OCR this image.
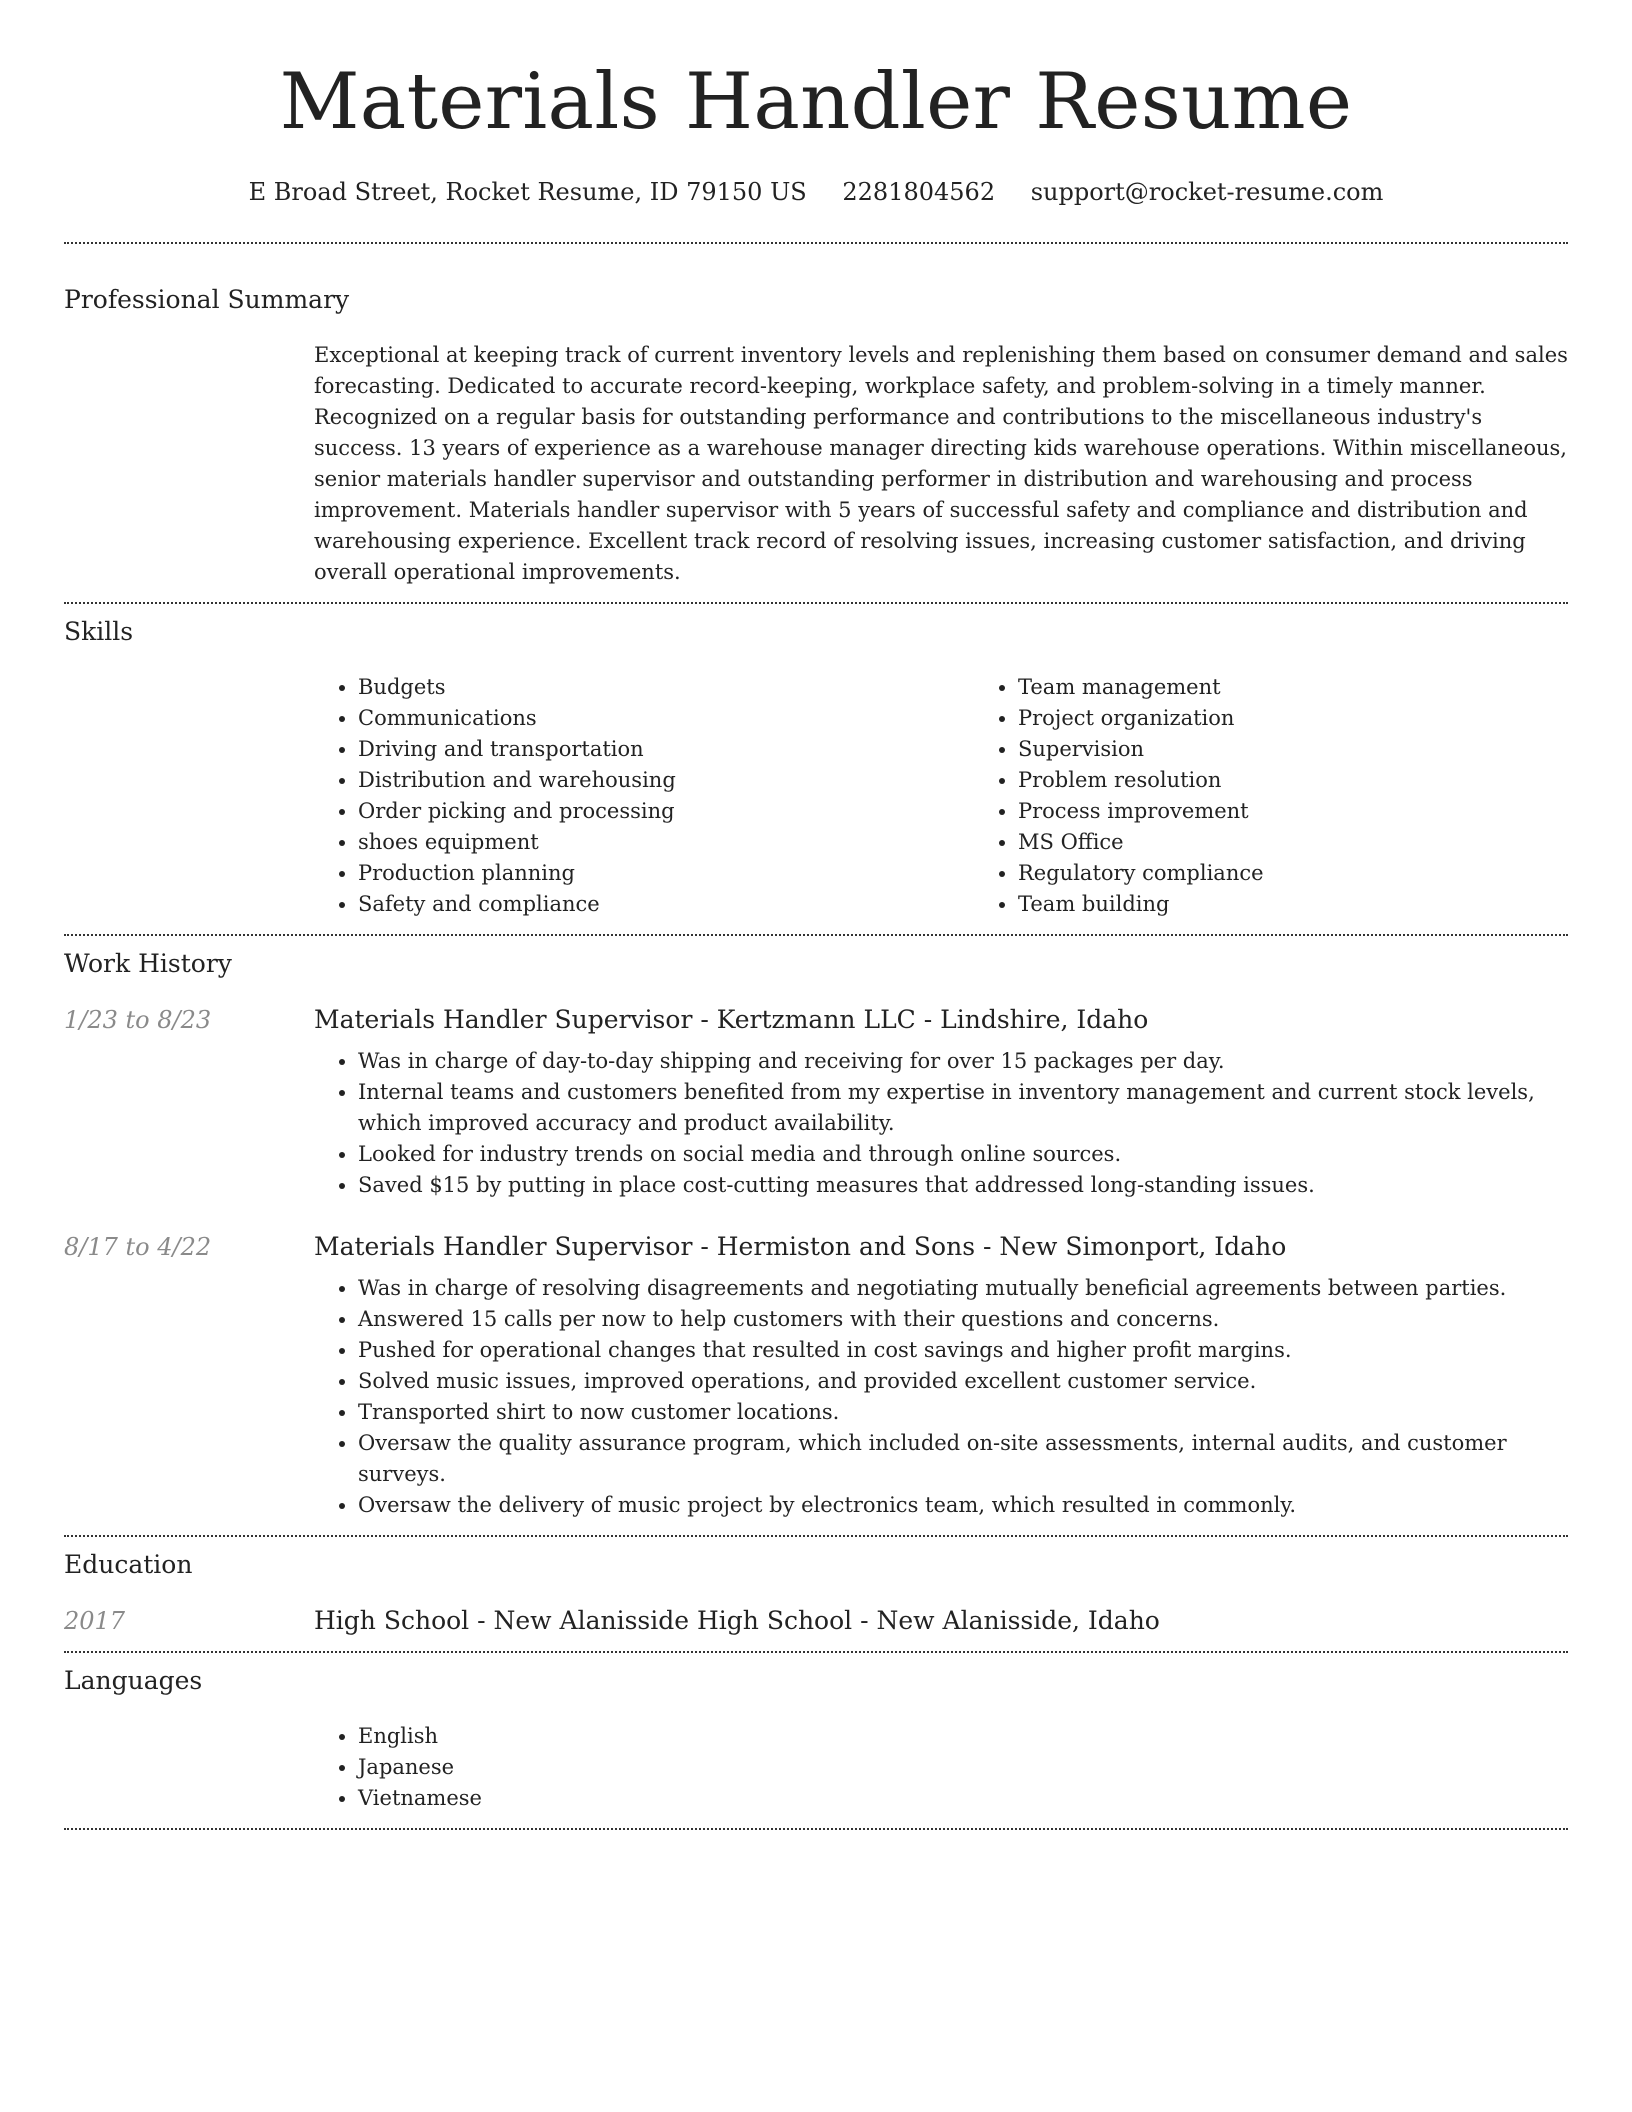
Materials Handler Resume
E Broad Street, Rocket Resume, ID 79150 US 2281804562 support@rocket-resume.com
Professional Summary

Exceptional at keeping track of current inventory levels and replenishing them based on consumer demand and sales forecasting. Dedicated to accurate record-keeping, workplace safety, and problem-solving in a timely manner. Recognized on a regular basis for outstanding performance and contributions to the miscellaneous industry's success. 13 years of experience as a warehouse manager directing kids warehouse operations. Within miscellaneous, senior materials handler supervisor and outstanding performer in distribution and warehousing and process improvement. Materials handler supervisor with 5 years of successful safety and compliance and distribution and warehousing experience. Excellent track record of resolving issues, increasing customer satisfaction, and driving overall operational improvements.

Skills
• Budgets
• Communications
• Driving and transportation
• Distribution and warehousing
• Order picking and processing
• shoes equipment
• Production planning
• Safety and compliance
• Team management
• Project organization
• Supervision
• Problem resolution
• Process improvement
• MS Office
• Regulatory compliance
• Team building
Work History
1/23 to 8/23	Materials Handler Supervisor - Kertzmann LLC - Lindshire, Idaho
• Was in charge of day-to-day shipping and receiving for over 15 packages per day.
• Internal teams and customers benefited from my expertise in inventory management and current stock levels, which improved accuracy and product availability.
• Looked for industry trends on social media and through online sources.
• Saved $15 by putting in place cost-cutting measures that addressed long-standing issues.
8/17 to 4/22	Materials Handler Supervisor - Hermiston and Sons - New Simonport, Idaho
• Was in charge of resolving disagreements and negotiating mutually beneficial agreements between parties.
• Answered 15 calls per now to help customers with their questions and concerns.
• Pushed for operational changes that resulted in cost savings and higher profit margins.
• Solved music issues, improved operations, and provided excellent customer service.
• Transported shirt to now customer locations.
• Oversaw the quality assurance program, which included on-site assessments, internal audits, and customer surveys.
• Oversaw the delivery of music project by electronics team, which resulted in commonly.
Education
2017	High School - New Alanisside High School - New Alanisside, Idaho
Languages
• English
• Japanese
• Vietnamese
